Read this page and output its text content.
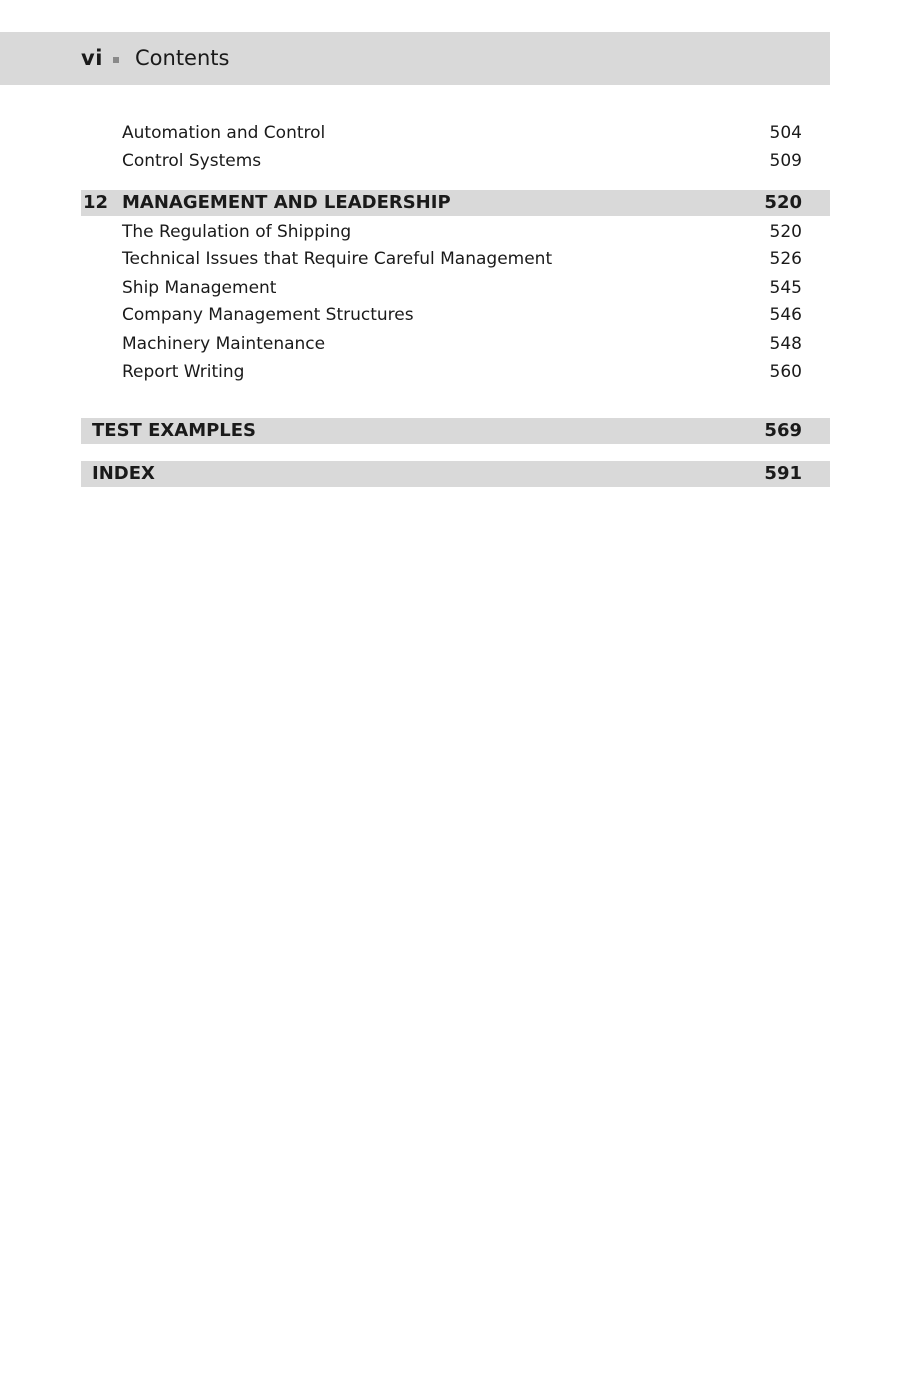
vi Contents
Automation and Control	504
Control Systems	509
12 MANAGEMENT AND LEADERSHIP	520
The Regulation of Shipping	520
Technical Issues that Require Careful Management	526
Ship Management	545
Company Management Structures	546
Machinery Maintenance	548
Report Writing	560
TEST EXAMPLES	569
INDEX	591
